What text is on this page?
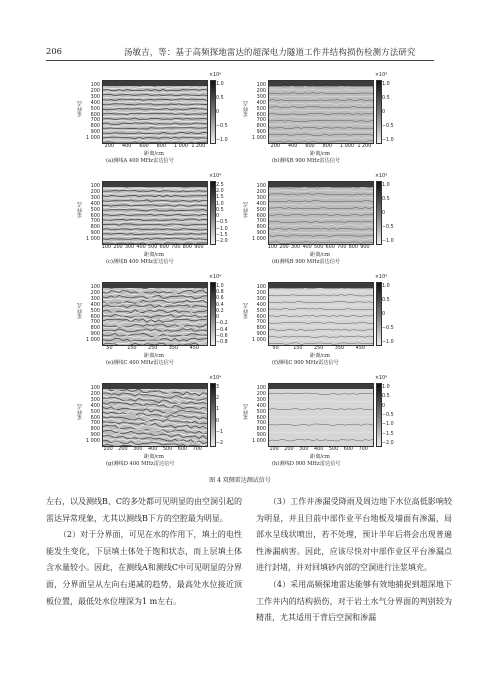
206	汤敏吉，等：基于高频探地雷达的超深电力隧道工作井结构损伤检测方法研究
采样点
100
200
300
400
500
600
700
800
900
1 000
×10⁴
1.0
0.5
0
−0.5
−1.0
200 400 600 800 1 000 1 200
距离/cm
(a)测线A 400 MHz雷达信号
采样点
100
200
300
400
500
600
700
800
900
1 000
×10⁴
1.0
0.5
0
−0.5
−1.0
200 400 600 800 1 000 1 200
距离/cm
(b)测线B 900 MHz雷达信号
采样点
100
200
300
400
500
600
700
800
900
1 000
×10⁴
2.5
2.0
1.5
1.0
0.5
0
−0.5
−1.0
−1.5
−2.0
100 200 300 400 500 600 700 800 900
距离/cm
(c)测线B 400 MHz雷达信号
采样点
100
200
300
400
500
600
700
800
900
1 000
×10⁴
1.0
0.5
0
−0.5
−1.0
100 200 300 400 500 600 700 800 900
距离/cm
(d)测线B 900 MHz雷达信号
采样点
100
200
300
400
500
600
700
800
900
1 000
×10⁴
1.0
0.8
0.6
0.4
0.2
0
−0.2
−0.4
−0.6
−0.8
50	150 250 350 450
距离/cm
(e)测线C 400 MHz雷达信号
采样点
100
200
300
400
500
600
700
800
900
1 000
×10⁴
1.0
0.5
0
−0.5
−1.0
50	150 250 350 450
距离/cm
(f)测线C 900 MHz雷达信号
采样点
100
200
300
400
500
600
700
800
900
1 000
×10⁴
3
2
1
0
−1
−2
100 200 300 400 500 600 700
距离/cm
(g)测线D 400 MHz雷达信号
采样点
100
200
300
400
500
600
700
800
900
1 000
×10⁴
1.0
0.5
0
−0.5
−1.0
−1.5
−2.0
100 200 300 400 500 600 700
距离/cm
(h)测线D 900 MHz雷达信号
图 4 双侧雷达测试信号

左右，以及测线B、C的多处都可见明显的由空洞引起的雷达异常现象，尤其以测线B下方的空腔最为明显。

（2）对于分界面，可见在水的作用下，填土的电性能发生变化，下层填土体处于饱和状态，而上层填土体含水量较小。因此，在测线A和测线C中可见明显的分界面，分界面呈从左向右递减的趋势，最高处水位接近顶板位置，最低处水位埋深为1 m左右。

（3）工作井渗漏受降雨及周边地下水位高低影响较为明显，并且目前中部作业平台地板及墙面有渗漏，局部水呈线状喷出，若不处理，预计半年后将会出现普遍性渗漏病害。因此，应该尽快对中部作业区平台渗漏点进行封堵，并对回填砂内部的空洞进行注浆填充。

（4）采用高频探地雷达能够有效地捕捉到超深地下工作井内的结构损伤，对于岩土水气分界面的判别较为精准，尤其适用于背后空洞和渗漏
